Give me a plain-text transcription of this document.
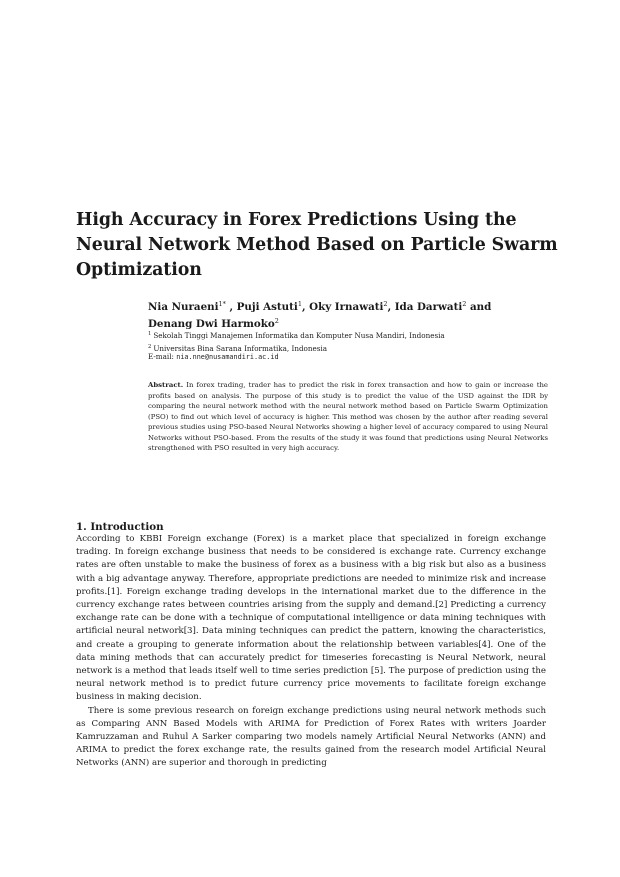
High Accuracy in Forex Predictions Using the
Neural Network Method Based on Particle Swarm
Optimization
Nia Nuraeni$^{1*}$ , Puji Astuti$^1$, Oky Irnawati$^2$, Ida Darwati$^2$ and
Denang Dwi Harmoko$^2$
$^1$ Sekolah Tinggi Manajemen Informatika dan Komputer Nusa Mandiri, Indonesia
$^2$ Universitas Bina Sarana Informatika, Indonesia
E-mail: nia.nne@nusamandiri.ac.id
Abstract. In forex trading, trader has to predict the risk in forex transaction and how to gain or increase the profits based on analysis. The purpose of this study is to predict the value of the USD against the IDR by comparing the neural network method with the neural network method based on Particle Swarm Optimization (PSO) to find out which level of accuracy is higher. This method was chosen by the author after reading several previous studies using PSO-based Neural Networks showing a higher level of accuracy compared to using Neural Networks without PSO-based. From the results of the study it was found that predictions using Neural Networks strengthened with PSO resulted in very high accuracy.
1. Introduction

According to KBBI Foreign exchange (Forex) is a market place that specialized in foreign exchange trading. In foreign exchange business that needs to be considered is exchange rate. Currency exchange rates are often unstable to make the business of forex as a business with a big risk but also as a business with a big advantage anyway. Therefore, appropriate predictions are needed to minimize risk and increase profits.[1]. Foreign exchange trading develops in the international market due to the difference in the currency exchange rates between countries arising from the supply and demand.[2] Predicting a currency exchange rate can be done with a technique of computational intelligence or data mining techniques with artificial neural network[3]. Data mining techniques can predict the pattern, knowing the characteristics, and create a grouping to generate information about the relationship between variables[4]. One of the data mining methods that can accurately predict for timeseries forecasting is Neural Network, neural network is a method that leads itself well to time series prediction [5]. The purpose of prediction using the neural network method is to predict future currency price movements to facilitate foreign exchange business in making decision.

There is some previous research on foreign exchange predictions using neural network methods such as Comparing ANN Based Models with ARIMA for Prediction of Forex Rates with writers Joarder Kamruzzaman and Ruhul A Sarker comparing two models namely Artificial Neural Networks (ANN) and ARIMA to predict the forex exchange rate, the results gained from the research model Artificial Neural Networks (ANN) are superior and thorough in predicting
